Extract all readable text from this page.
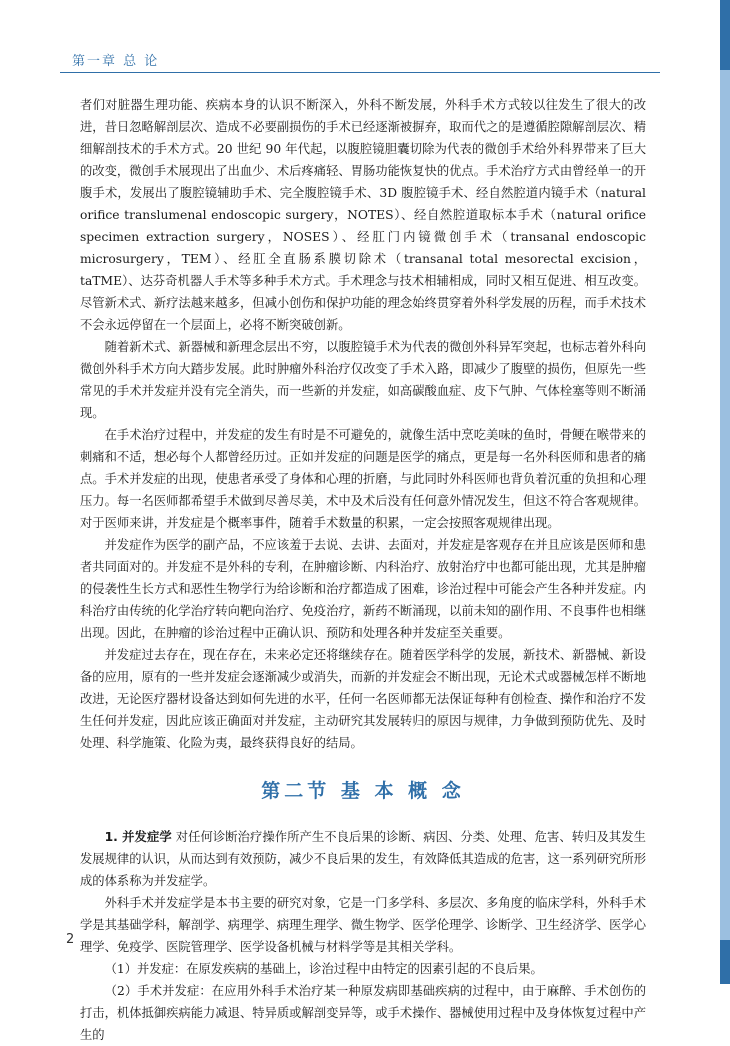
第一章 总 论

者们对脏器生理功能、疾病本身的认识不断深入，外科不断发展，外科手术方式较以往发生了很大的改进，昔日忽略解剖层次、造成不必要副损伤的手术已经逐渐被摒弃，取而代之的是遵循腔隙解剖层次、精细解剖技术的手术方式。20 世纪 90 年代起，以腹腔镜胆囊切除为代表的微创手术给外科界带来了巨大的改变，微创手术展现出了出血少、术后疼痛轻、胃肠功能恢复快的优点。手术治疗方式由曾经单一的开腹手术，发展出了腹腔镜辅助手术、完全腹腔镜手术、3D 腹腔镜手术、经自然腔道内镜手术（natural orifice translumenal endoscopic surgery，NOTES）、经自然腔道取标本手术（natural orifice specimen extraction surgery，NOSES）、经肛门内镜微创手术（transanal endoscopic microsurgery，TEM）、经肛全直肠系膜切除术（transanal total mesorectal excision，taTME）、达芬奇机器人手术等多种手术方式。手术理念与技术相辅相成，同时又相互促进、相互改变。尽管新术式、新疗法越来越多，但减小创伤和保护功能的理念始终贯穿着外科学发展的历程，而手术技术不会永远停留在一个层面上，必将不断突破创新。

随着新术式、新器械和新理念层出不穷，以腹腔镜手术为代表的微创外科异军突起，也标志着外科向微创外科手术方向大踏步发展。此时肿瘤外科治疗仅改变了手术入路，即减少了腹壁的损伤，但原先一些常见的手术并发症并没有完全消失，而一些新的并发症，如高碳酸血症、皮下气肿、气体栓塞等则不断涌现。

在手术治疗过程中，并发症的发生有时是不可避免的，就像生活中烹吃美味的鱼时，骨鲠在喉带来的刺痛和不适，想必每个人都曾经历过。正如并发症的问题是医学的痛点，更是每一名外科医师和患者的痛点。手术并发症的出现，使患者承受了身体和心理的折磨，与此同时外科医师也背负着沉重的负担和心理压力。每一名医师都希望手术做到尽善尽美，术中及术后没有任何意外情况发生，但这不符合客观规律。对于医师来讲，并发症是个概率事件，随着手术数量的积累，一定会按照客观规律出现。

并发症作为医学的副产品，不应该羞于去说、去讲、去面对，并发症是客观存在并且应该是医师和患者共同面对的。并发症不是外科的专利，在肿瘤诊断、内科治疗、放射治疗中也都可能出现，尤其是肿瘤的侵袭性生长方式和恶性生物学行为给诊断和治疗都造成了困难，诊治过程中可能会产生各种并发症。内科治疗由传统的化学治疗转向靶向治疗、免疫治疗，新药不断涌现，以前未知的副作用、不良事件也相继出现。因此，在肿瘤的诊治过程中正确认识、预防和处理各种并发症至关重要。

并发症过去存在，现在存在，未来必定还将继续存在。随着医学科学的发展，新技术、新器械、新设备的应用，原有的一些并发症会逐渐减少或消失，而新的并发症会不断出现，无论术式或器械怎样不断地改进，无论医疗器材设备达到如何先进的水平，任何一名医师都无法保证每种有创检查、操作和治疗不发生任何并发症，因此应该正确面对并发症，主动研究其发展转归的原因与规律，力争做到预防优先、及时处理、科学施策、化险为夷，最终获得良好的结局。

第二节 基 本 概 念

1. 并发症学 对任何诊断治疗操作所产生不良后果的诊断、病因、分类、处理、危害、转归及其发生发展规律的认识，从而达到有效预防，减少不良后果的发生，有效降低其造成的危害，这一系列研究所形成的体系称为并发症学。

外科手术并发症学是本书主要的研究对象，它是一门多学科、多层次、多角度的临床学科，外科手术学是其基础学科，解剖学、病理学、病理生理学、微生物学、医学伦理学、诊断学、卫生经济学、医学心理学、免疫学、医院管理学、医学设备机械与材料学等是其相关学科。

（1）并发症：在原发疾病的基础上，诊治过程中由特定的因素引起的不良后果。

（2）手术并发症：在应用外科手术治疗某一种原发病即基础疾病的过程中，由于麻醉、手术创伤的打击，机体抵御疾病能力减退、特异质或解剖变异等，或手术操作、器械使用过程中及身体恢复过程中产生的

2
